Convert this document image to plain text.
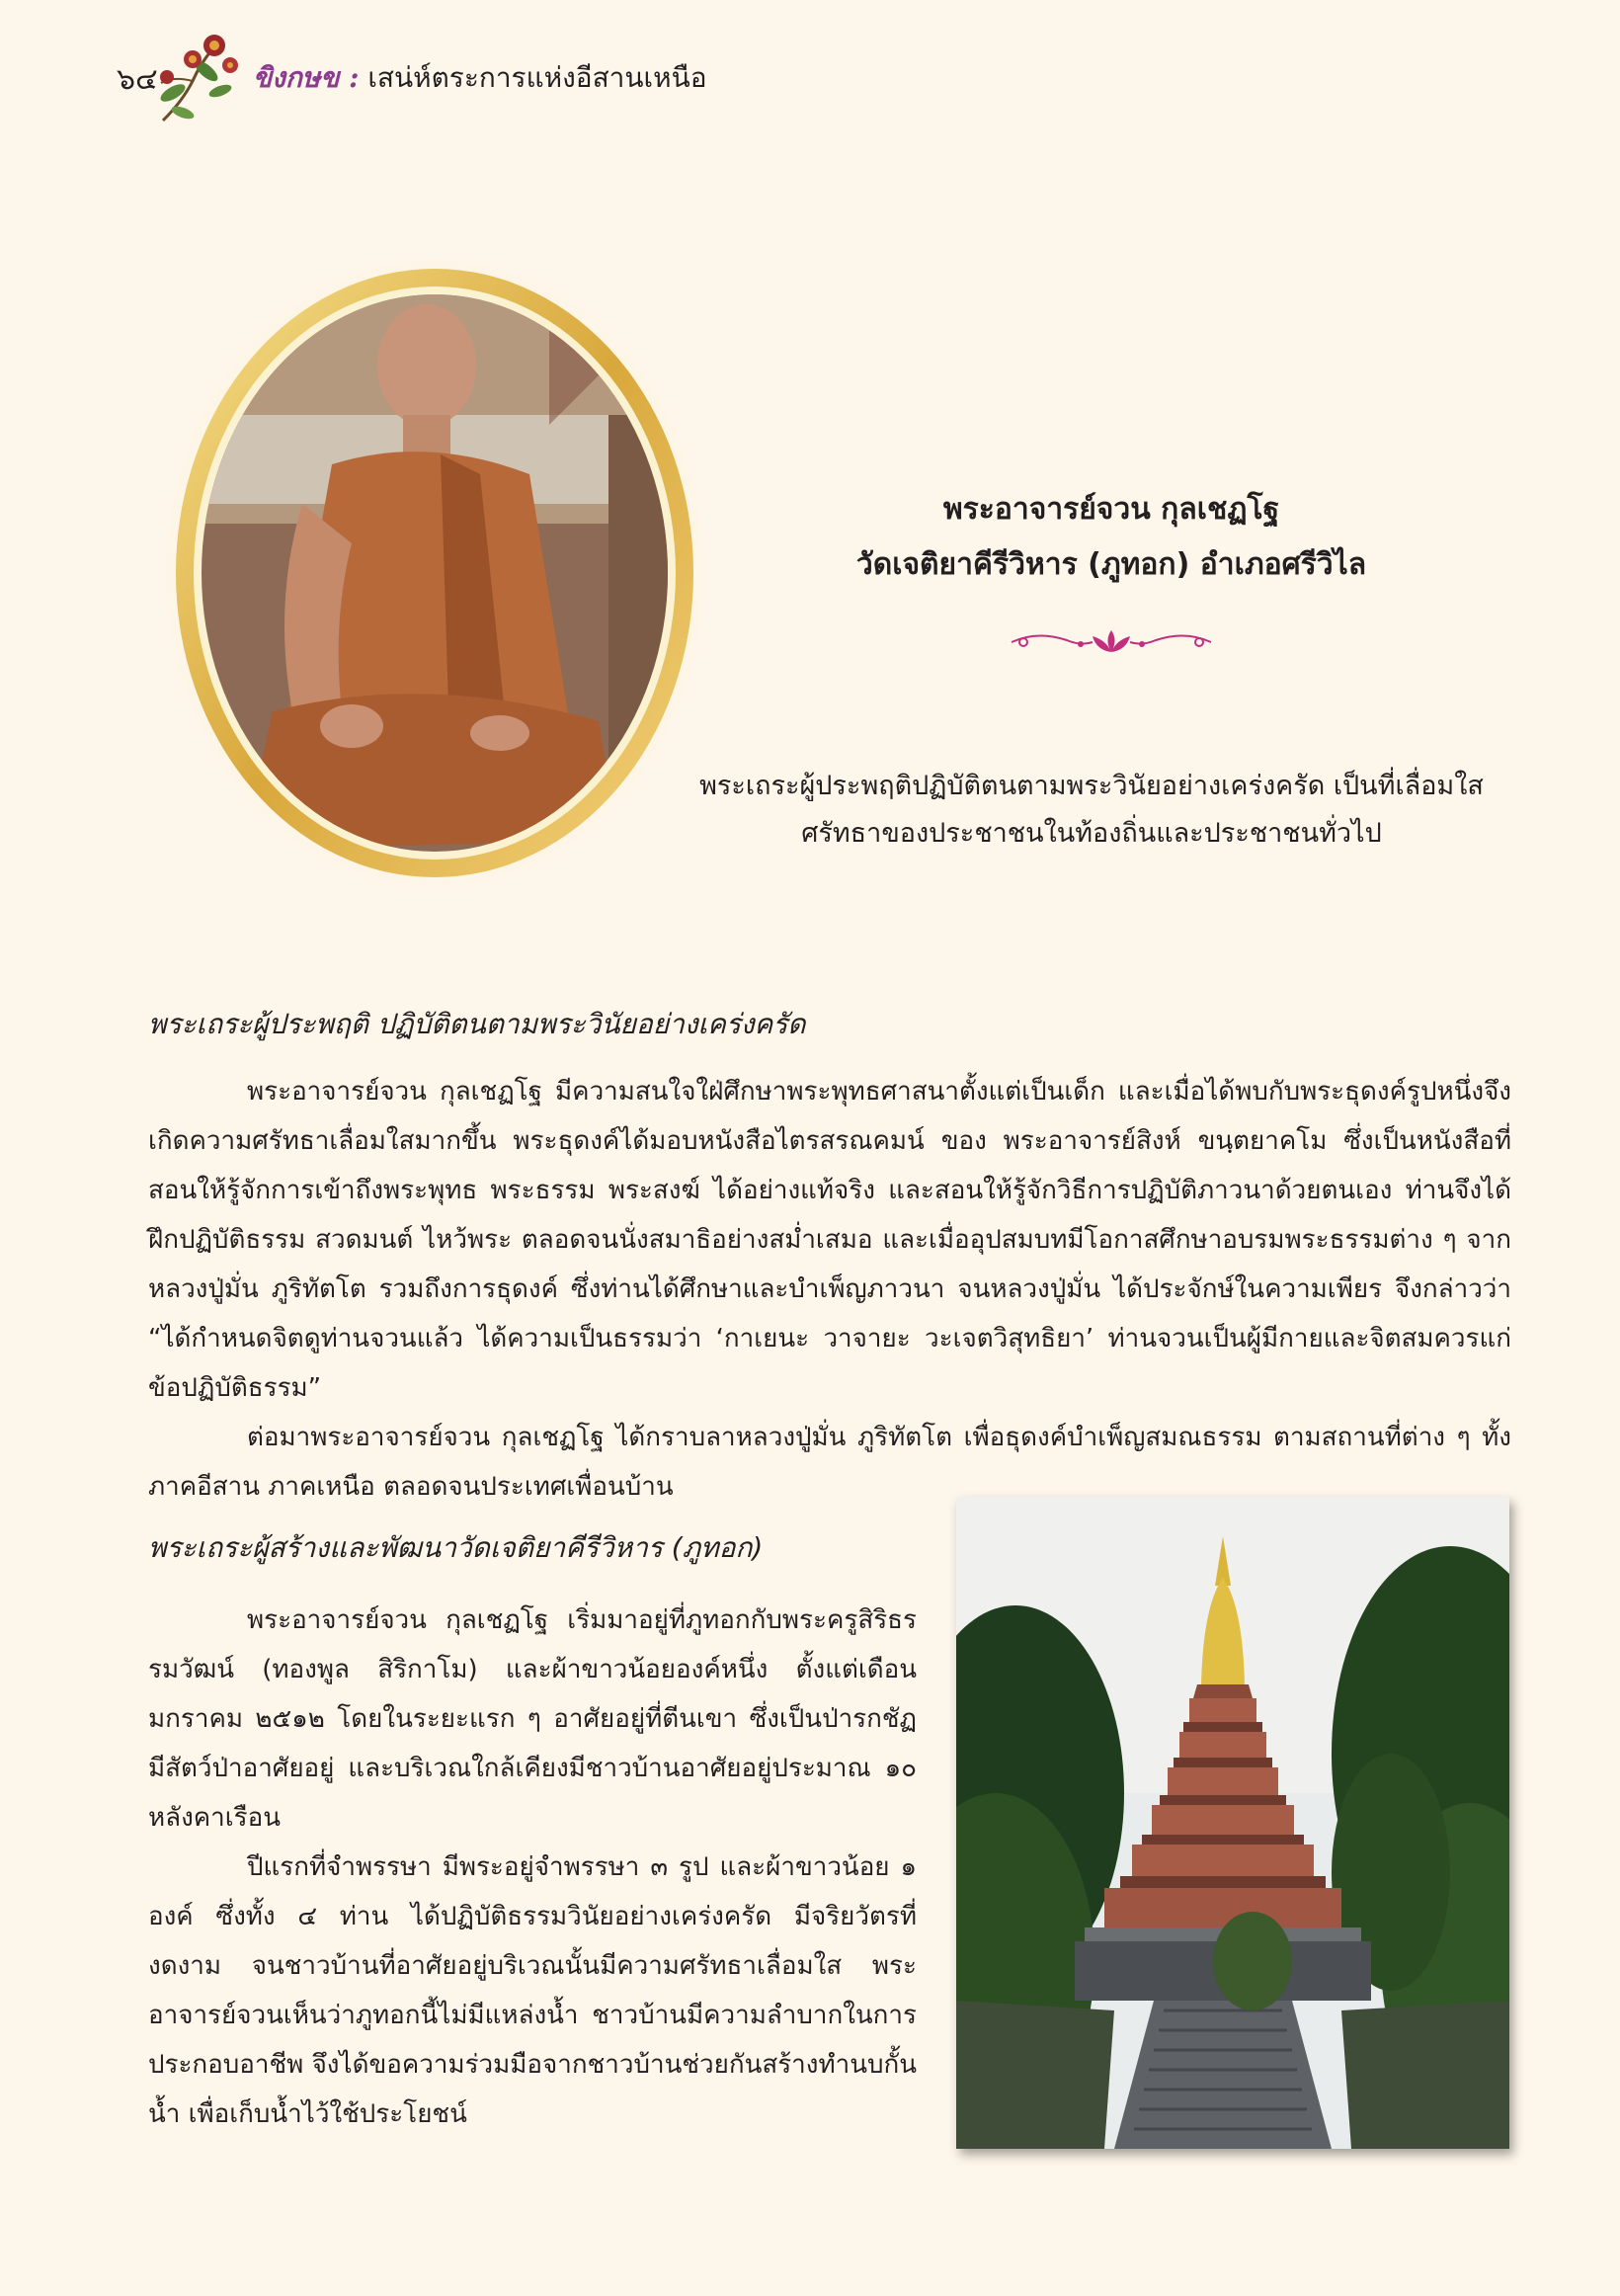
๖๔	ขิงกษข : เสน่ห์ตระการแห่งอีสานเหนือ
พระอาจารย์จวน กุลเชฏโฐ
วัดเจติยาคีรีวิหาร (ภูทอก) อำเภอศรีวิไล
พระเถระผู้ประพฤติปฏิบัติตนตามพระวินัยอย่างเคร่งครัด เป็นที่เลื่อมใส
ศรัทธาของประชาชนในท้องถิ่นและประชาชนทั่วไป
พระเถระผู้ประพฤติ ปฏิบัติตนตามพระวินัยอย่างเคร่งครัด

พระอาจารย์จวน กุลเชฏโฐ มีความสนใจใฝ่ศึกษาพระพุทธศาสนาตั้งแต่เป็นเด็ก และเมื่อได้พบกับพระธุดงค์รูปหนึ่งจึงเกิดความศรัทธาเลื่อมใสมากขึ้น พระธุดงค์ได้มอบหนังสือไตรสรณคมน์ ของ พระอาจารย์สิงห์ ขนฺตยาคโม ซึ่งเป็นหนังสือที่สอนให้รู้จักการเข้าถึงพระพุทธ พระธรรม พระสงฆ์ ได้อย่างแท้จริง และสอนให้รู้จักวิธีการปฏิบัติภาวนาด้วยตนเอง ท่านจึงได้ฝึกปฏิบัติธรรม สวดมนต์ ไหว้พระ ตลอดจนนั่งสมาธิอย่างสม่ำเสมอ และเมื่ออุปสมบทมีโอกาสศึกษาอบรมพระธรรมต่าง ๆ จากหลวงปู่มั่น ภูริทัตโต รวมถึงการธุดงค์ ซึ่งท่านได้ศึกษาและบำเพ็ญภาวนา จนหลวงปู่มั่น ได้ประจักษ์ในความเพียร จึงกล่าวว่า “ได้กำหนดจิตดูท่านจวนแล้ว ได้ความเป็นธรรมว่า ‘กาเยนะ วาจายะ วะเจตวิสุทธิยา’ ท่านจวนเป็นผู้มีกายและจิตสมควรแก่ข้อปฏิบัติธรรม”

ต่อมาพระอาจารย์จวน กุลเชฏโฐ ได้กราบลาหลวงปู่มั่น ภูริทัตโต เพื่อธุดงค์บำเพ็ญสมณธรรม ตามสถานที่ต่าง ๆ ทั้งภาคอีสาน ภาคเหนือ ตลอดจนประเทศเพื่อนบ้าน

พระเถระผู้สร้างและพัฒนาวัดเจติยาคีรีวิหาร (ภูทอก)

พระอาจารย์จวน กุลเชฏโฐ เริ่มมาอยู่ที่ภูทอกกับพระครูสิริธรรมวัฒน์ (ทองพูล สิริกาโม) และผ้าขาวน้อยองค์หนึ่ง ตั้งแต่เดือนมกราคม ๒๕๑๒ โดยในระยะแรก ๆ อาศัยอยู่ที่ตีนเขา ซึ่งเป็นป่ารกชัฏ มีสัตว์ป่าอาศัยอยู่ และบริเวณใกล้เคียงมีชาวบ้านอาศัยอยู่ประมาณ ๑๐ หลังคาเรือน

ปีแรกที่จำพรรษา มีพระอยู่จำพรรษา ๓ รูป และผ้าขาวน้อย ๑ องค์ ซึ่งทั้ง ๔ ท่าน ได้ปฏิบัติธรรมวินัยอย่างเคร่งครัด มีจริยวัตรที่งดงาม จนชาวบ้านที่อาศัยอยู่บริเวณนั้นมีความศรัทธาเลื่อมใส พระอาจารย์จวนเห็นว่าภูทอกนี้ไม่มีแหล่งน้ำ ชาวบ้านมีความลำบากในการประกอบอาชีพ จึงได้ขอความร่วมมือจากชาวบ้านช่วยกันสร้างทำนบกั้นน้ำ เพื่อเก็บน้ำไว้ใช้ประโยชน์
